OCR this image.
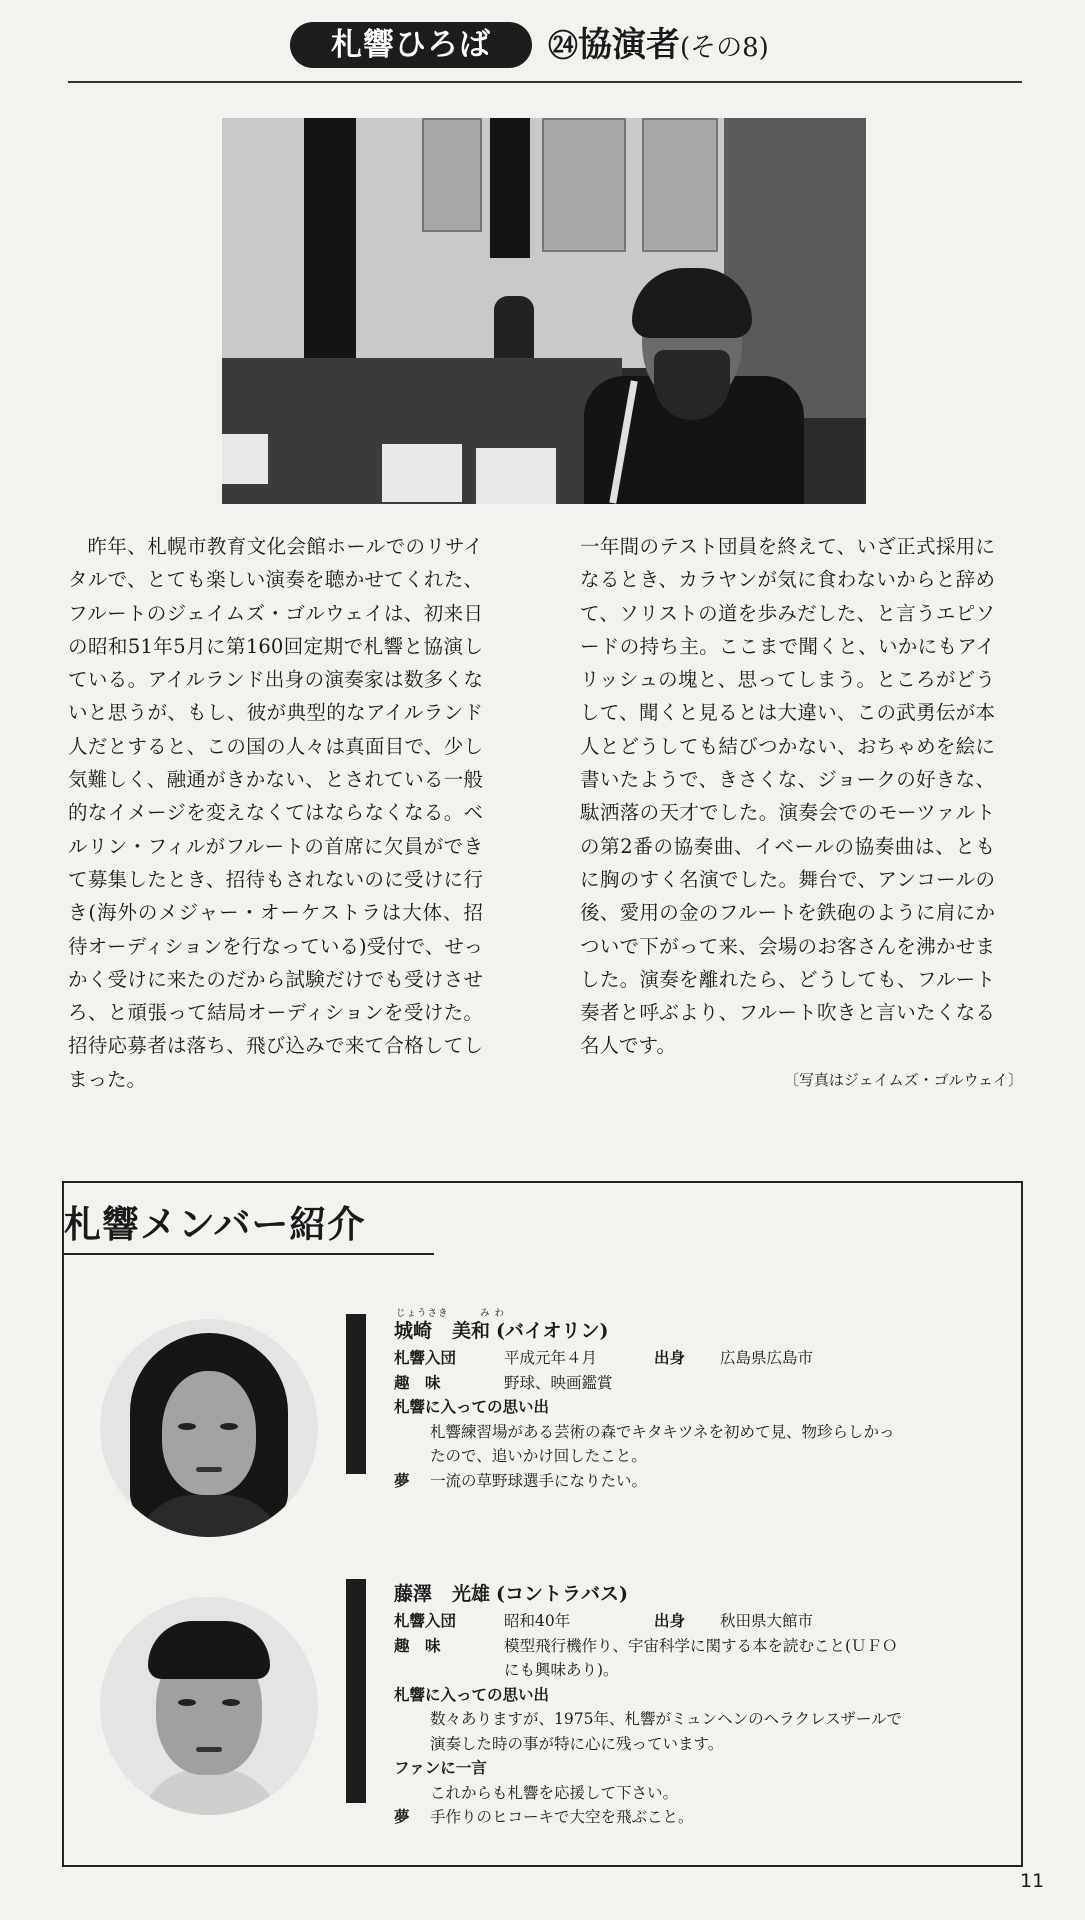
札響ひろば	㉔協演者(その8)

昨年、札幌市教育文化会館ホールでのリサイタルで、とても楽しい演奏を聴かせてくれた、フルートのジェイムズ・ゴルウェイは、初来日の昭和51年5月に第160回定期で札響と協演している。アイルランド出身の演奏家は数多くないと思うが、もし、彼が典型的なアイルランド人だとすると、この国の人々は真面目で、少し気難しく、融通がきかない、とされている一般的なイメージを変えなくてはならなくなる。ベルリン・フィルがフルートの首席に欠員ができて募集したとき、招待もされないのに受けに行き(海外のメジャー・オーケストラは大体、招待オーディションを行なっている)受付で、せっかく受けに来たのだから試験だけでも受けさせろ、と頑張って結局オーディションを受けた。招待応募者は落ち、飛び込みで来て合格してしまった。

一年間のテスト団員を終えて、いざ正式採用になるとき、カラヤンが気に食わないからと辞めて、ソリストの道を歩みだした、と言うエピソードの持ち主。ここまで聞くと、いかにもアイリッシュの塊と、思ってしまう。ところがどうして、聞くと見るとは大違い、この武勇伝が本人とどうしても結びつかない、おちゃめを絵に書いたようで、きさくな、ジョークの好きな、駄洒落の天才でした。演奏会でのモーツァルトの第2番の協奏曲、イベールの協奏曲は、ともに胸のすく名演でした。舞台で、アンコールの後、愛用の金のフルートを鉄砲のように肩にかついで下がって来、会場のお客さんを沸かせました。演奏を離れたら、どうしても、フルート奏者と呼ぶより、フルート吹きと言いたくなる名人です。

〔写真はジェイムズ・ゴルウェイ〕
札響メンバー紹介
じょうさき	み わ
城崎 美和 (バイオリン)
札響入団	平成元年４月	出身 広島県広島市
趣　味	野球、映画鑑賞
札響に入っての思い出
札響練習場がある芸術の森でキタキツネを初めて見、物珍らしかっ
たので、追いかけ回したこと。
夢 一流の草野球選手になりたい。
藤澤 光雄 (コントラバス)
札響入団	昭和40年	出身 秋田県大館市
趣　味	模型飛行機作り、宇宙科学に関する本を読むこと(ＵＦＯ
にも興味あり)。
札響に入っての思い出
数々ありますが、1975年、札響がミュンヘンのヘラクレスザールで
演奏した時の事が特に心に残っています。
ファンに一言
これからも札響を応援して下さい。
夢 手作りのヒコーキで大空を飛ぶこと。
11
